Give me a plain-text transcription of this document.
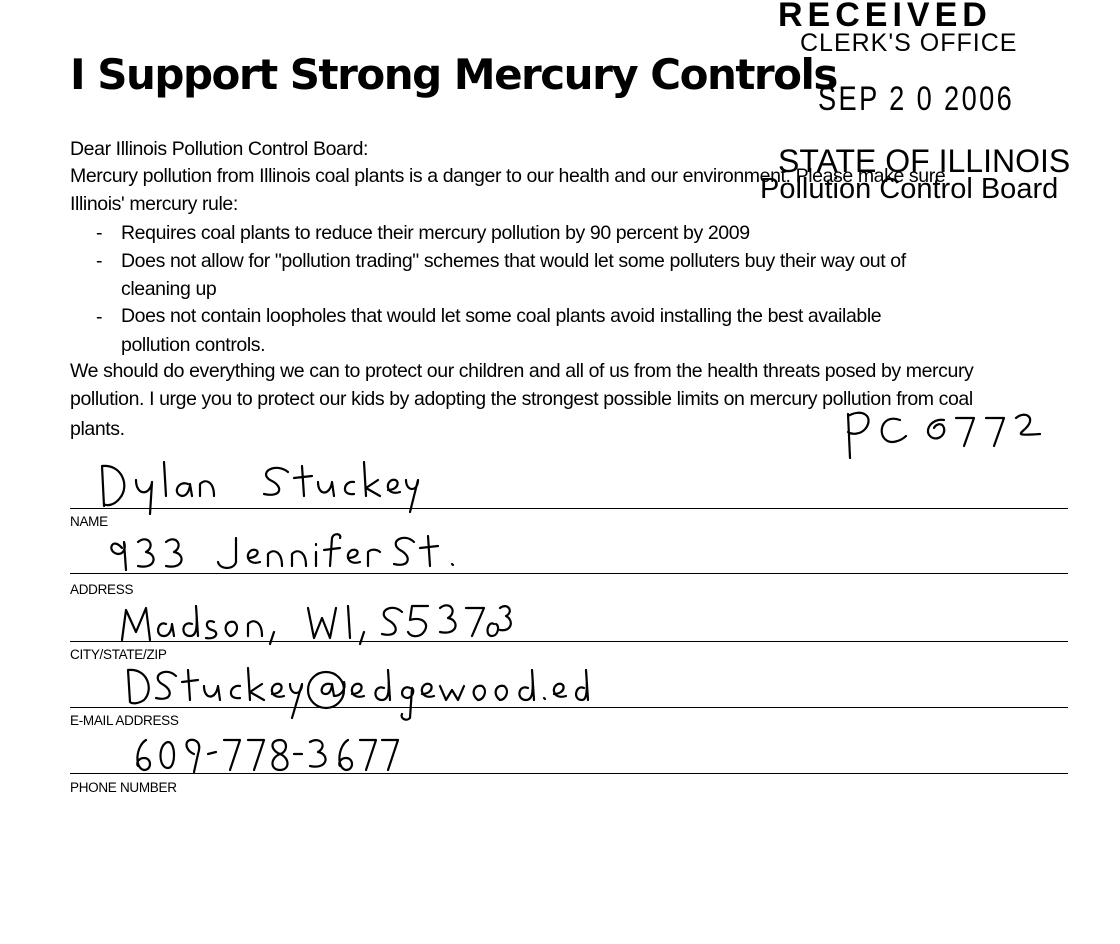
I Support Strong Mercury Controls
RECEIVED
CLERK'S OFFICE
SEP 2 0 2006
Dear Illinois Pollution Control Board:
Mercury pollution from Illinois coal plants is a danger to our health and our environment. Please make sure
STATE OF ILLINOIS
Pollution Control Board
Illinois' mercury rule:
- Requires coal plants to reduce their mercury pollution by 90 percent by 2009
- Does not allow for "pollution trading" schemes that would let some polluters buy their way out of
cleaning up
- Does not contain loopholes that would let some coal plants avoid installing the best available
pollution controls.
We should do everything we can to protect our children and all of us from the health threats posed by mercury
pollution. I urge you to protect our kids by adopting the strongest possible limits on mercury pollution from coal
plants.
NAME
ADDRESS
CITY/STATE/ZIP
E-MAIL ADDRESS
PHONE NUMBER
